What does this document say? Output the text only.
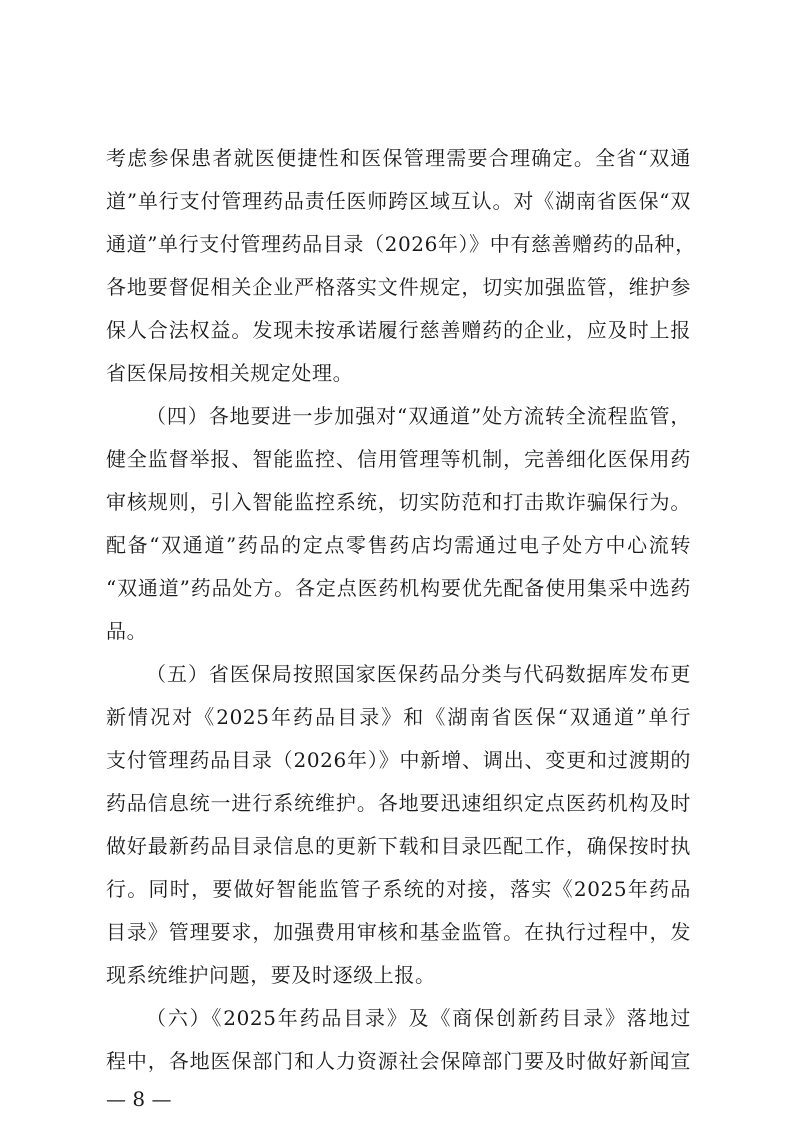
考虑参保患者就医便捷性和医保管理需要合理确定。全省“双通
道”单行支付管理药品责任医师跨区域互认。对《湖南省医保“双
通道”单行支付管理药品目录（2026年）》中有慈善赠药的品种，
各地要督促相关企业严格落实文件规定，切实加强监管，维护参
保人合法权益。发现未按承诺履行慈善赠药的企业，应及时上报
省医保局按相关规定处理。
（四）各地要进一步加强对“双通道”处方流转全流程监管，
健全监督举报、智能监控、信用管理等机制，完善细化医保用药
审核规则，引入智能监控系统，切实防范和打击欺诈骗保行为。
配备“双通道”药品的定点零售药店均需通过电子处方中心流转
“双通道”药品处方。各定点医药机构要优先配备使用集采中选药
品。
（五）省医保局按照国家医保药品分类与代码数据库发布更
新情况对《2025年药品目录》和《湖南省医保“双通道”单行
支付管理药品目录（2026年）》中新增、调出、变更和过渡期的
药品信息统一进行系统维护。各地要迅速组织定点医药机构及时
做好最新药品目录信息的更新下载和目录匹配工作，确保按时执
行。同时，要做好智能监管子系统的对接，落实《2025年药品
目录》管理要求，加强费用审核和基金监管。在执行过程中，发
现系统维护问题，要及时逐级上报。
（六）《2025年药品目录》及《商保创新药目录》落地过
程中，各地医保部门和人力资源社会保障部门要及时做好新闻宣
— 8 —
